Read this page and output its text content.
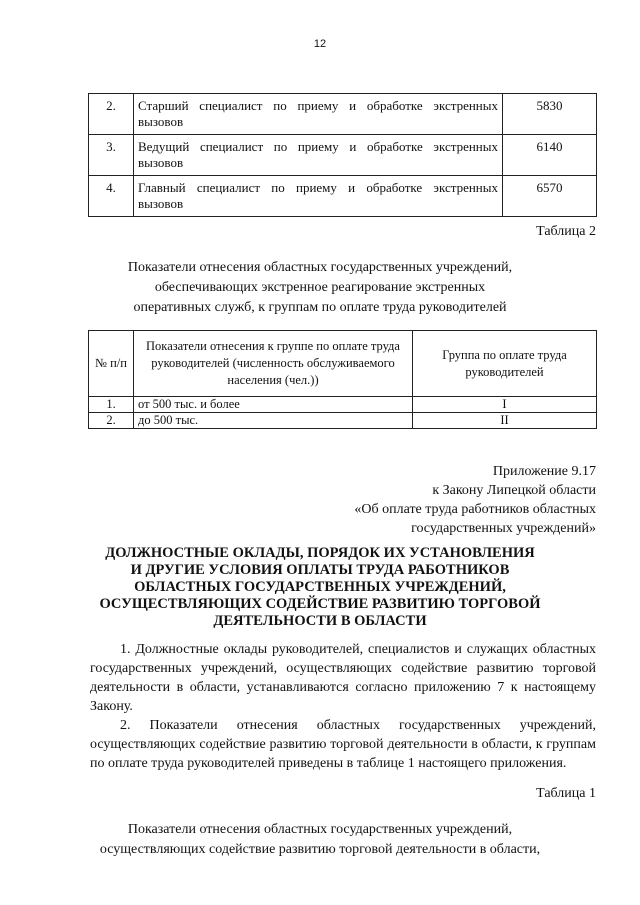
12
2.	Старший специалист по приему и обработке экстренных вызовов	5830
3.	Ведущий специалист по приему и обработке экстренных вызовов	6140
4.	Главный специалист по приему и обработке экстренных вызовов	6570
Таблица 2
Показатели отнесения областных государственных учреждений,
обеспечивающих экстренное реагирование экстренных
оперативных служб, к группам по оплате труда руководителей
№ п/п	Показатели отнесения к группе по оплате труда руководителей (численность обслуживаемого населения (чел.))	Группа по оплате труда руководителей
1.	от 500 тыс. и более	I
2.	до 500 тыс.	II
Приложение 9.17
к Закону Липецкой области
«Об оплате труда работников областных
государственных учреждений»
ДОЛЖНОСТНЫЕ ОКЛАДЫ, ПОРЯДОК ИХ УСТАНОВЛЕНИЯ
И ДРУГИЕ УСЛОВИЯ ОПЛАТЫ ТРУДА РАБОТНИКОВ
ОБЛАСТНЫХ ГОСУДАРСТВЕННЫХ УЧРЕЖДЕНИЙ,
ОСУЩЕСТВЛЯЮЩИХ СОДЕЙСТВИЕ РАЗВИТИЮ ТОРГОВОЙ
ДЕЯТЕЛЬНОСТИ В ОБЛАСТИ

1. Должностные оклады руководителей, специалистов и служащих областных государственных учреждений, осуществляющих содействие развитию торговой деятельности в области, устанавливаются согласно приложению 7 к настоящему Закону.

2. Показатели отнесения областных государственных учреждений, осуществляющих содействие развитию торговой деятельности в области, к группам по оплате труда руководителей приведены в таблице 1 настоящего приложения.

Таблица 1
Показатели отнесения областных государственных учреждений,
осуществляющих содействие развитию торговой деятельности в области,
